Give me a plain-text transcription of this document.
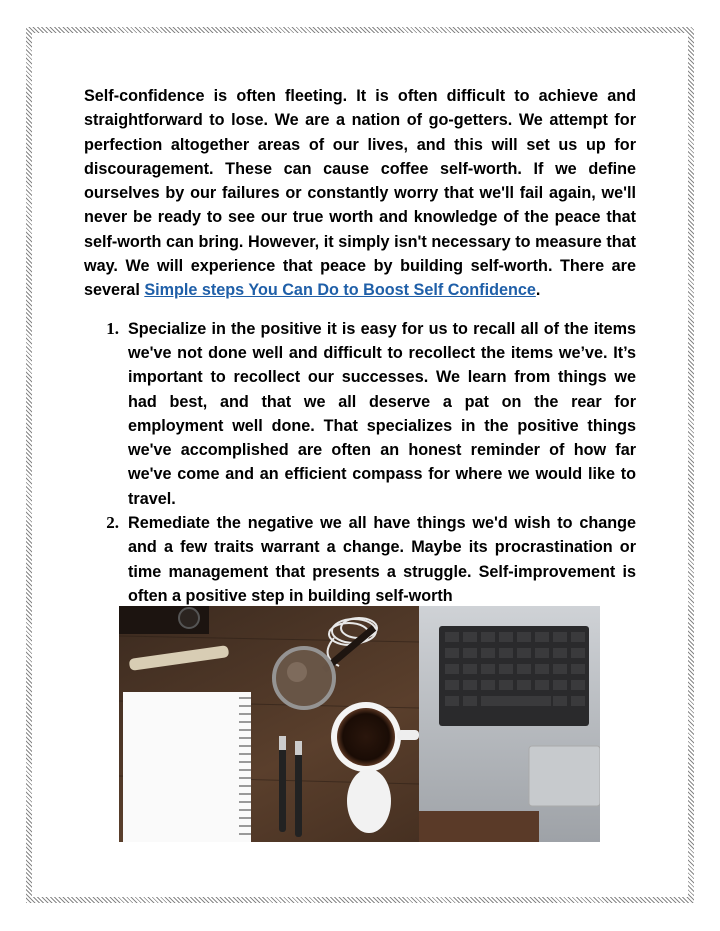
Self-confidence is often fleeting. It is often difficult to achieve and straightforward to lose. We are a nation of go-getters. We attempt for perfection altogether areas of our lives, and this will set us up for discouragement. These can cause coffee self-worth. If we define ourselves by our failures or constantly worry that we'll fail again, we'll never be ready to see our true worth and knowledge of the peace that self-worth can bring. However, it simply isn't necessary to measure that way. We will experience that peace by building self-worth. There are several Simple steps You Can Do to Boost Self Confidence.

1. Specialize in the positive it is easy for us to recall all of the items we've not done well and difficult to recollect the items we’ve. It’s important to recollect our successes. We learn from things we had best, and that we all deserve a pat on the rear for employment well done. That specializes in the positive things we've accomplished are often an honest reminder of how far we've come and an efficient compass for where we would like to travel.
2. Remediate the negative we all have things we'd wish to change and a few traits warrant a change. Maybe its procrastination or time management that presents a struggle. Self-improvement is often a positive step in building self-worth
